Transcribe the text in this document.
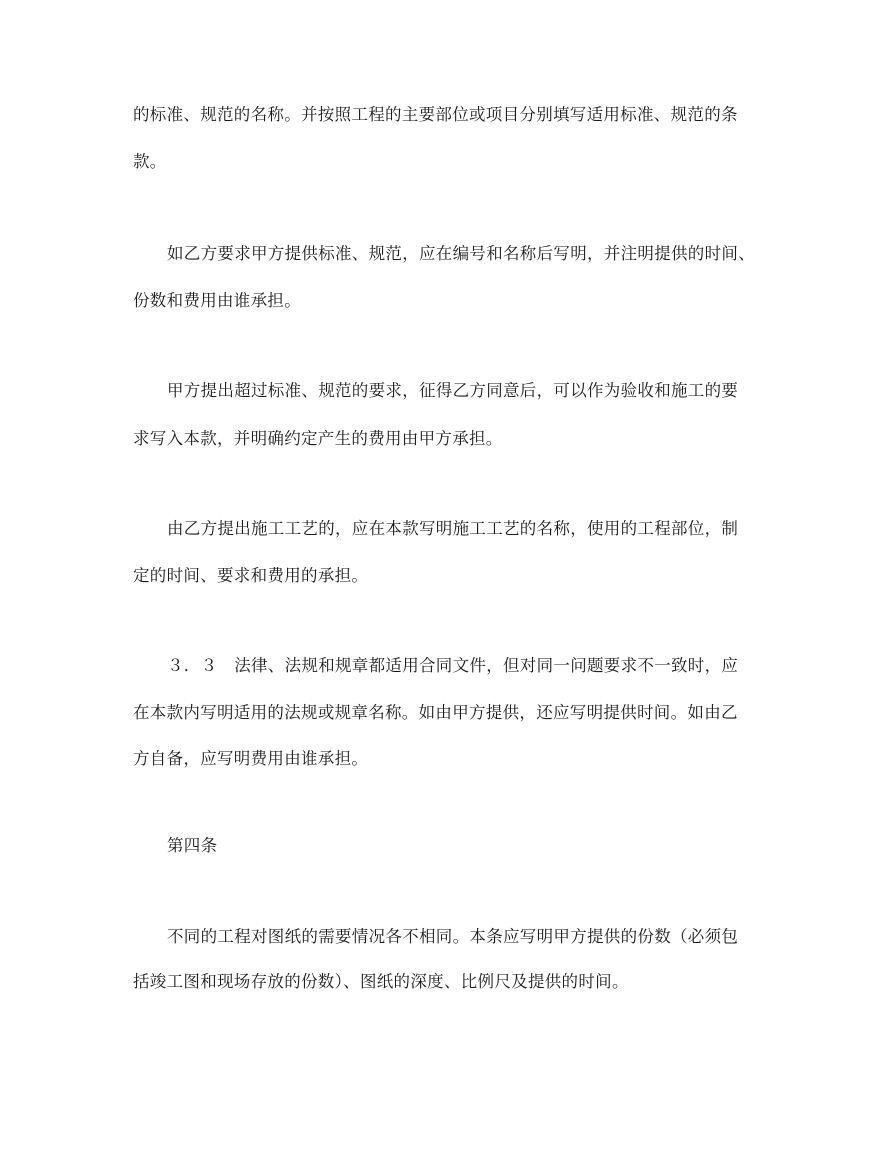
的标准、规范的名称。并按照工程的主要部位或项目分别填写适用标准、规范的条
款。
如乙方要求甲方提供标准、规范，应在编号和名称后写明，并注明提供的时间、
份数和费用由谁承担。
甲方提出超过标准、规范的要求，征得乙方同意后，可以作为验收和施工的要
求写入本款，并明确约定产生的费用由甲方承担。
由乙方提出施工工艺的，应在本款写明施工工艺的名称，使用的工程部位，制
定的时间、要求和费用的承担。
３．３　法律、法规和规章都适用合同文件，但对同一问题要求不一致时，应
在本款内写明适用的法规或规章名称。如由甲方提供，还应写明提供时间。如由乙
方自备，应写明费用由谁承担。
第四条
不同的工程对图纸的需要情况各不相同。本条应写明甲方提供的份数（必须包
括竣工图和现场存放的份数）、图纸的深度、比例尺及提供的时间。
